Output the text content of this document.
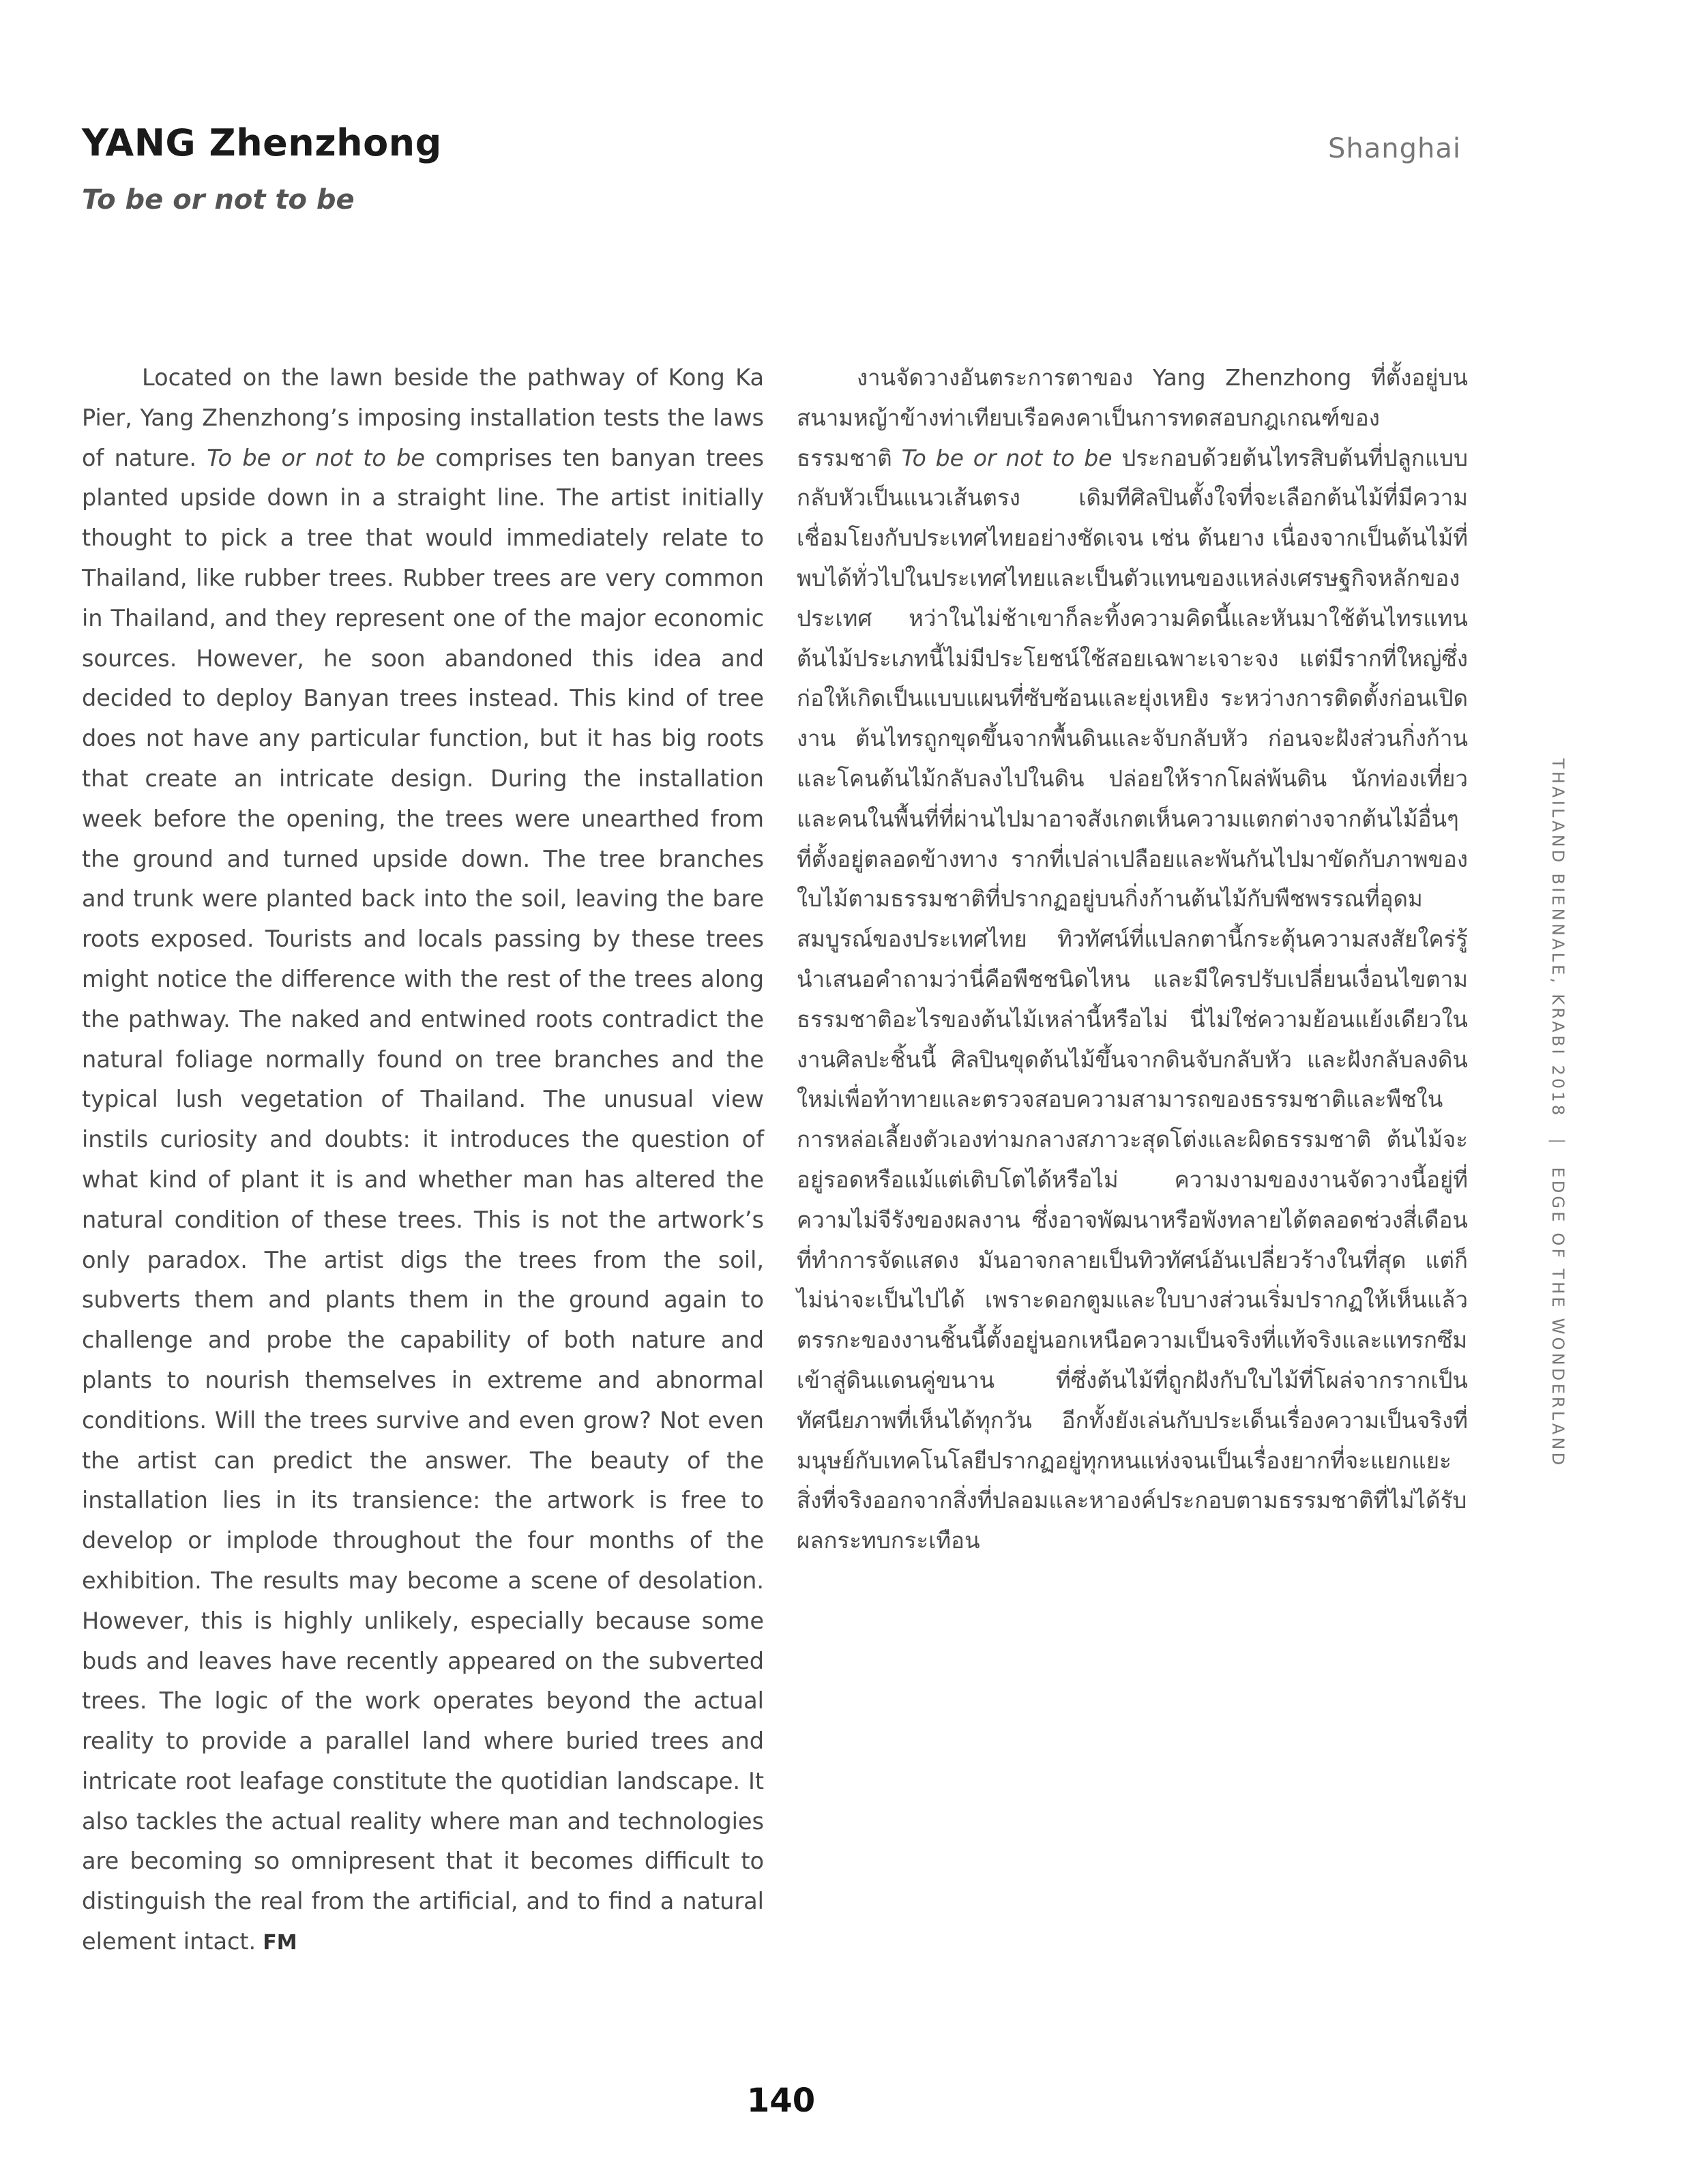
YANG Zhenzhong
To be or not to be
Shanghai

Located on the lawn beside the pathway of Kong Ka Pier, Yang Zhenzhong’s imposing installation tests the laws of nature. To be or not to be comprises ten banyan trees planted upside down in a straight line. The artist initially thought to pick a tree that would immediately relate to Thailand, like rubber trees. Rubber trees are very common in Thailand, and they represent one of the major economic sources. However, he soon abandoned this idea and decided to deploy Banyan trees instead. This kind of tree does not have any particular function, but it has big roots that create an intricate design. During the installation week before the opening, the trees were unearthed from the ground and turned upside down. The tree branches and trunk were planted back into the soil, leaving the bare roots exposed. Tourists and locals passing by these trees might notice the difference with the rest of the trees along the pathway. The naked and entwined roots contradict the natural foliage normally found on tree branches and the typical lush vegetation of Thailand. The unusual view instils curiosity and doubts: it introduces the question of what kind of plant it is and whether man has altered the natural condition of these trees. This is not the artwork’s only paradox. The artist digs the trees from the soil, subverts them and plants them in the ground again to challenge and probe the capability of both nature and plants to nourish themselves in extreme and abnormal conditions. Will the trees survive and even grow? Not even the artist can predict the answer. The beauty of the installation lies in its transience: the artwork is free to develop or implode throughout the four months of the exhibition. The results may become a scene of desolation. However, this is highly unlikely, especially because some buds and leaves have recently appeared on the subverted trees. The logic of the work operates beyond the actual reality to provide a parallel land where buried trees and intricate root leafage constitute the quotidian landscape. It also tackles the actual reality where man and technologies are becoming so omnipresent that it becomes difficult to distinguish the real from the artificial, and to find a natural element intact. FM

งานจัดวางอันตระการตาของ Yang Zhenzhong ที่ตั้งอยู่บนสนามหญ้าข้างท่าเทียบเรือคงคาเป็นการทดสอบกฎเกณฑ์ของธรรมชาติ To be or not to be ประกอบด้วยต้นไทรสิบต้นที่ปลูกแบบกลับหัวเป็นแนวเส้นตรง เดิมทีศิลปินตั้งใจที่จะเลือกต้นไม้ที่มีความเชื่อมโยงกับประเทศไทยอย่างชัดเจน เช่น ต้นยาง เนื่องจากเป็นต้นไม้ที่พบได้ทั่วไปในประเทศไทยและเป็นตัวแทนของแหล่งเศรษฐกิจหลักของประเทศ หว่าในไม่ช้าเขาก็ละทิ้งความคิดนี้และหันมาใช้ต้นไทรแทน ต้นไม้ประเภทนี้ไม่มีประโยชน์ใช้สอยเฉพาะเจาะจง แต่มีรากที่ใหญ่ซึ่งก่อให้เกิดเป็นแบบแผนที่ซับซ้อนและยุ่งเหยิง ระหว่างการติดตั้งก่อนเปิดงาน ต้นไทรถูกขุดขึ้นจากพื้นดินและจับกลับหัว ก่อนจะฝังส่วนกิ่งก้านและโคนต้นไม้กลับลงไปในดิน ปล่อยให้รากโผล่พ้นดิน นักท่องเที่ยวและคนในพื้นที่ที่ผ่านไปมาอาจสังเกตเห็นความแตกต่างจากต้นไม้อื่นๆ ที่ตั้งอยู่ตลอดข้างทาง รากที่เปล่าเปลือยและพันกันไปมาขัดกับภาพของใบไม้ตามธรรมชาติที่ปรากฏอยู่บนกิ่งก้านต้นไม้กับพืชพรรณที่อุดมสมบูรณ์ของประเทศไทย ทิวทัศน์ที่แปลกตานี้กระตุ้นความสงสัยใคร่รู้ นำเสนอคำถามว่านี่คือพืชชนิดไหน และมีใครปรับเปลี่ยนเงื่อนไขตามธรรมชาติอะไรของต้นไม้เหล่านี้หรือไม่ นี่ไม่ใช่ความย้อนแย้งเดียวในงานศิลปะชิ้นนี้ ศิลปินขุดต้นไม้ขึ้นจากดินจับกลับหัว และฝังกลับลงดินใหม่เพื่อท้าทายและตรวจสอบความสามารถของธรรมชาติและพืชในการหล่อเลี้ยงตัวเองท่ามกลางสภาวะสุดโต่งและผิดธรรมชาติ ต้นไม้จะอยู่รอดหรือแม้แต่เติบโตได้หรือไม่ ความงามของงานจัดวางนี้อยู่ที่ความไม่จีรังของผลงาน ซึ่งอาจพัฒนาหรือพังทลายได้ตลอดช่วงสี่เดือนที่ทำการจัดแสดง มันอาจกลายเป็นทิวทัศน์อันเปลี่ยวร้างในที่สุด แต่ก็ไม่น่าจะเป็นไปได้ เพราะดอกตูมและใบบางส่วนเริ่มปรากฏให้เห็นแล้ว ตรรกะของงานชิ้นนี้ตั้งอยู่นอกเหนือความเป็นจริงที่แท้จริงและแทรกซึมเข้าสู่ดินแดนคู่ขนาน ที่ซึ่งต้นไม้ที่ถูกฝังกับใบไม้ที่โผล่จากรากเป็นทัศนียภาพที่เห็นได้ทุกวัน อีกทั้งยังเล่นกับประเด็นเรื่องความเป็นจริงที่มนุษย์กับเทคโนโลยีปรากฏอยู่ทุกหนแห่งจนเป็นเรื่องยากที่จะแยกแยะสิ่งที่จริงออกจากสิ่งที่ปลอมและหาองค์ประกอบตามธรรมชาติที่ไม่ได้รับผลกระทบกระเทือน

THAILAND BIENNALE, KRABI 2018 | EDGE OF THE WONDERLAND
140
